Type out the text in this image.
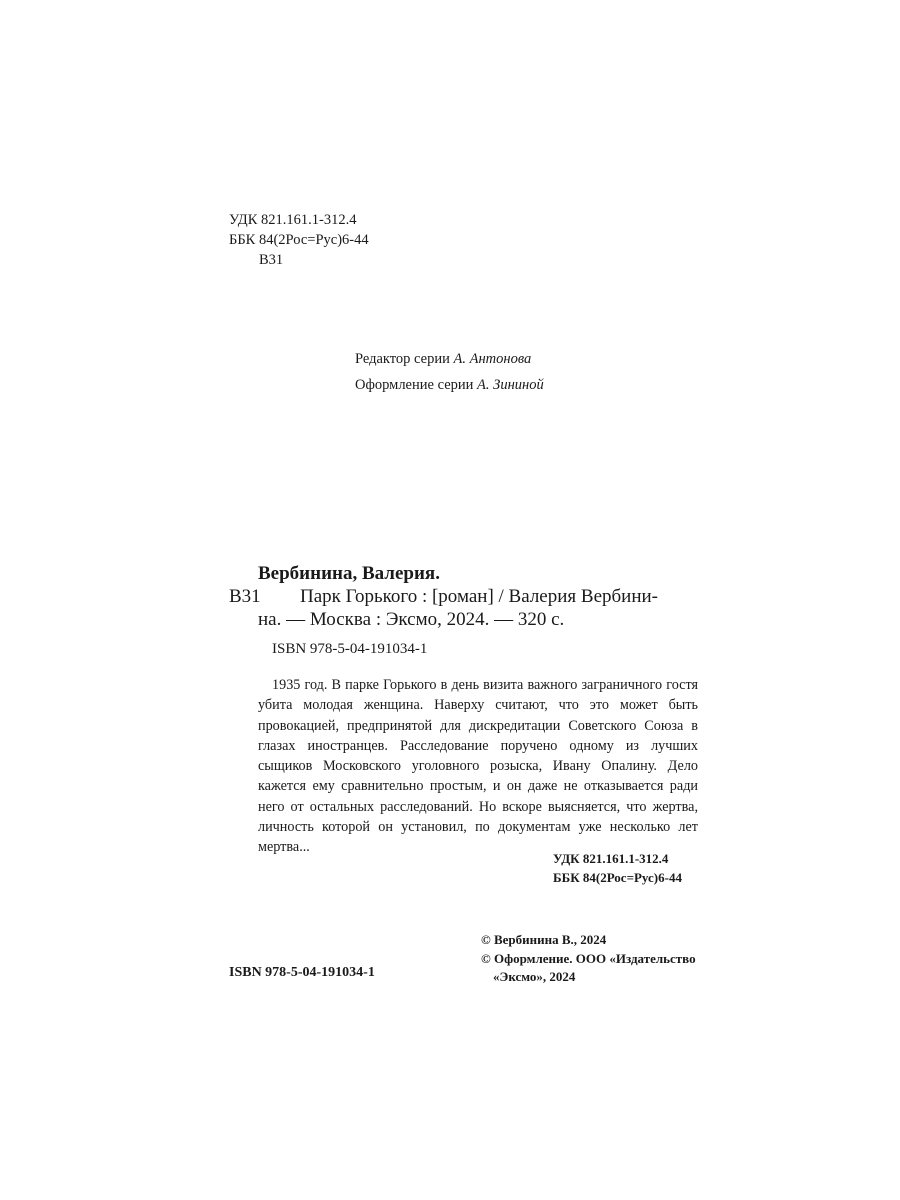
УДК 821.161.1-312.4
ББК 84(2Рос=Рус)6-44
В31
Редактор серии А. Антонова
Оформление серии А. Зининой
Вербинина, Валерия.
В31 Парк Горького : [роман] / Валерия Вербини-
на. — Москва : Эксмо, 2024. — 320 с.
ISBN 978-5-04-191034-1
1935 год. В парке Горького в день визита важного заграничного гостя убита молодая женщина. Наверху считают, что это может быть провокацией, предпринятой для дискредитации Советского Союза в глазах иностранцев. Расследование поручено одному из лучших сыщиков Московского уголовного розыска, Ивану Опалину. Дело кажется ему сравнительно простым, и он даже не отказывается ради него от остальных расследований. Но вскоре выясняется, что жертва, личность которой он установил, по документам уже несколько лет мертва...
УДК 821.161.1-312.4
ББК 84(2Рос=Рус)6-44
© Вербинина В., 2024
© Оформление. ООО «Издательство
«Эксмо», 2024
ISBN 978-5-04-191034-1
